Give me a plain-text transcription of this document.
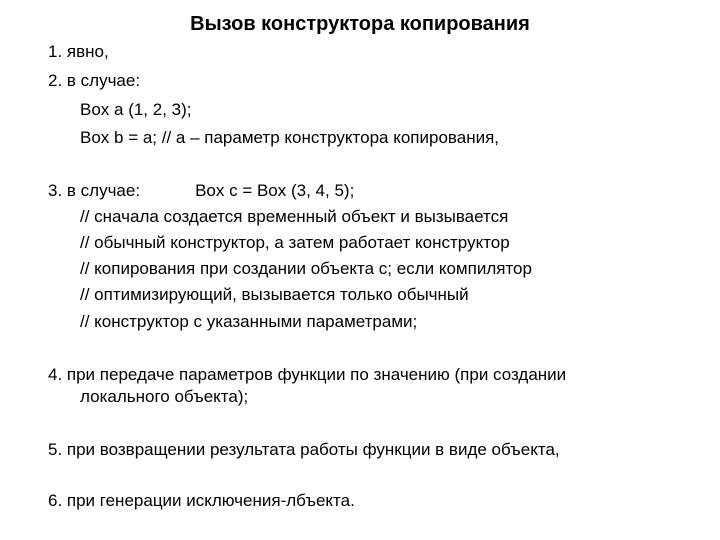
Вызов конструктора копирования
1. явно,
2. в случае:
Box a (1, 2, 3);
Box b = a; // a – параметр конструктора копирования,
3. в случае:	Box c = Box (3, 4, 5);
// сначала создается временный объект и вызывается
// обычный конструктор, а затем работает конструктор
// копирования при создании объекта с; если компилятор
// оптимизирующий, вызывается только обычный
// конструктор с указанными параметрами;
4. при передаче параметров функции по значению (при создании
локального объекта);
5. при возвращении результата работы функции в виде объекта,
6. при генерации исключения-лбъекта.
